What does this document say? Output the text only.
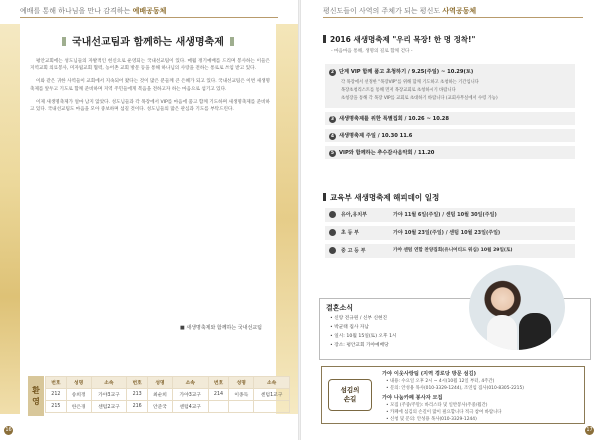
예배를 통해 하나님을 만나 감격하는 예배공동체
국내선교팀과 함께하는 새생명축제

평안교회에는 성도님들의 자발적인 헌신으로 운영되는 국내선교팀이 있다. 매월 정기예배를 드리며 봉사하는 이들은 지역교회 의료봉사, 미자립교회 협력, 농어촌 교회 방문 등을 통해 하나님의 사랑을 전하는 통로로 쓰임 받고 있다.

이와 같은 귀한 사역들이 교회에서 지속되어 왔다는 것이 많은 분들께 큰 은혜가 되고 있다. 국내선교팀은 이번 새생명축제를 앞두고 기도로 함께 준비하며 지역 주민들에게 복음을 전하고자 하는 마음으로 섬기고 있다.

이제 새생명축제가 얼마 남지 않았다. 성도님들과 각 목장에서 VIP를 마음에 품고 함께 기도하며 새생명축제를 준비하고 있다. 국내선교팀도 마음을 모아 중보하며 섬길 것이다. 성도님들의 많은 관심과 기도를 부탁드린다.

■ 새생명축제와 함께하는 국내선교팀
환
영
번호	성명	소속	번호	성명	소속	번호	성명	소속
212	송희정	가야3교구	213	최순희	가야3교구	214	이종득	센텀1교구
215	한은경	센텀2교구	216	안준국	센텀4교구			
16
평신도들이 사역의 주체가 되는 평신도 사역공동체
2016 새생명축제 "우리 목장! 한 명 정착!"
- 마음마음 통해, 생명의 길로 함께 걷다 -
2 단계 VIP 함께 품고 초청하기 / 9.25(주일) ~ 10.29(토)
각 목장에서 선정한 "목장VIP"를 위해 함께 기도하고 초청하는 기간입니다
목장초청리스트를 통해 먼저 목장교회로 초청하시기 바랍니다
초청장을 통해 각 목장 VIP를 교회로 초대하기 바랍니다 (교회사무실에서 수령 가능)
3 새생명축제를 위한 특별집회 / 10.26 ~ 10.28
4 새생명축제 주일 / 10.30 11.6
5 VIP와 함께하는 추수감사음악회 / 11.20
교육부 새생명축제 해피데이 일정
유아,유치부	가야 11월 6일(주일) / 센텀 10월 30일(주일)
초 등 부	가야 10월 23일(주일) / 센텀 10월 23일(주일)
중 고 등 부	가야 센텀 연합 찬양집회(유니어티드 워십) 10월 29일(토)
결혼소식
• 신랑 전규원 / 신부 신현진
• 박균태 집사 자남
• 일시: 10월 15일(토) 오후 1시
• 장소: 평안교회 가야예배당
섬김의
손길
가야 이웃사랑팀 (지역 경로당 방문 섬김)
• 내용: 수요일 오후 2시 ~ 4시(10월 12일 부터, 4주간)
• 문의: 안성용 목사(010-3329-1244), 조연임 집사(010-8305-2215)
가야 나눔카페 봉사자 모집
• 모집 (주중/주말): 바리스타 및 일반봉사(주중/월간)
• 카페에 섬김의 손길이 많이 필요합니다 적극 참여 바랍니다
• 신청 및 문의: 안성용 목사(010-3329-1244)
17
